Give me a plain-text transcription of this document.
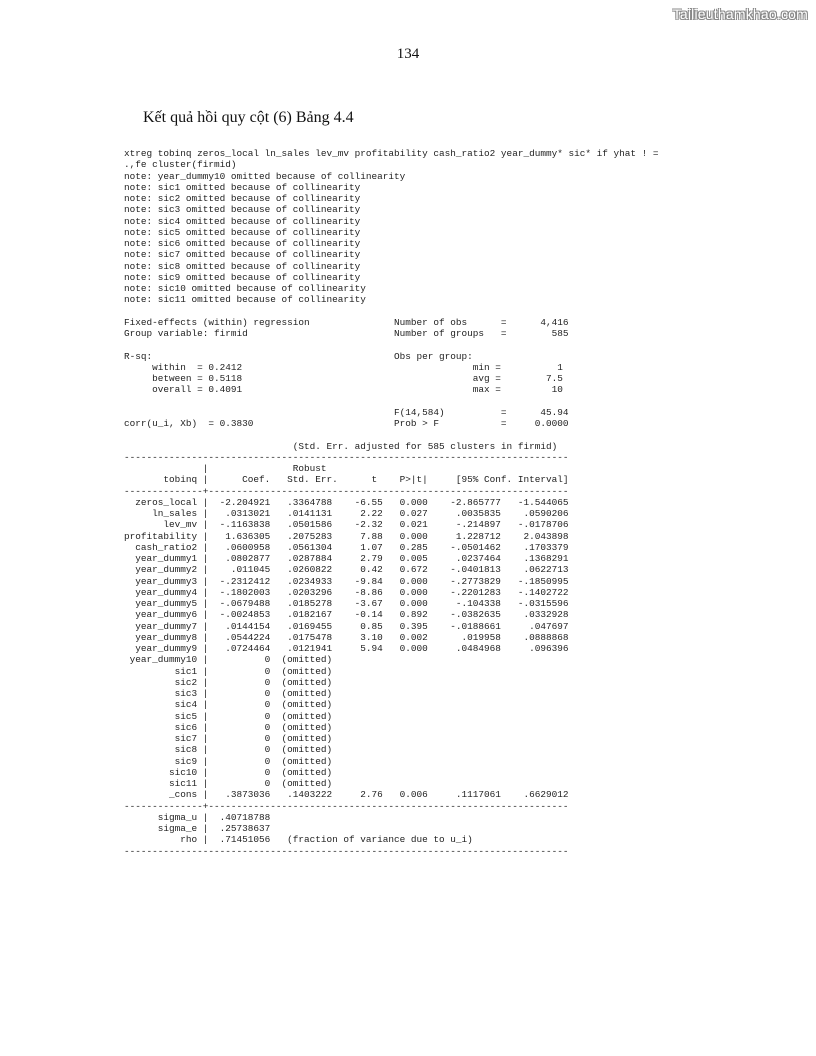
Tailieuthamkhao.com
134
Kết quả hồi quy cột (6) Bảng 4.4
xtreg tobinq zeros_local ln_sales lev_mv profitability cash_ratio2 year_dummy* sic* if yhat ! =
.,fe cluster(firmid)
note: year_dummy10 omitted because of collinearity
note: sic1 omitted because of collinearity
note: sic2 omitted because of collinearity
note: sic3 omitted because of collinearity
note: sic4 omitted because of collinearity
note: sic5 omitted because of collinearity
note: sic6 omitted because of collinearity
note: sic7 omitted because of collinearity
note: sic8 omitted because of collinearity
note: sic9 omitted because of collinearity
note: sic10 omitted because of collinearity
note: sic11 omitted because of collinearity
Fixed-effects (within) regression               Number of obs      =      4,416
Group variable: firmid                          Number of groups   =        585
R-sq:                                           Obs per group:
within  = 0.2412                                         min =          1
between = 0.5118                                         avg =        7.5
overall = 0.4091                                         max =         10
F(14,584)          =      45.94
corr(u_i, Xb)  = 0.3830                         Prob > F           =     0.0000
(Std. Err. adjusted for 585 clusters in firmid)
-------------------------------------------------------------------------------
|               Robust
tobinq |      Coef.   Std. Err.      t    P>|t|     [95% Conf. Interval]
--------------+----------------------------------------------------------------
zeros_local |  -2.204921   .3364788    -6.55   0.000    -2.865777   -1.544065
ln_sales |   .0313021   .0141131     2.22   0.027     .0035835    .0590206
lev_mv |  -.1163838   .0501586    -2.32   0.021     -.214897   -.0178706
profitability |   1.636305   .2075283     7.88   0.000     1.228712    2.043898
cash_ratio2 |   .0600958   .0561304     1.07   0.285    -.0501462    .1703379
year_dummy1 |   .0802877   .0287884     2.79   0.005     .0237464    .1368291
year_dummy2 |    .011045   .0260822     0.42   0.672    -.0401813    .0622713
year_dummy3 |  -.2312412   .0234933    -9.84   0.000    -.2773829   -.1850995
year_dummy4 |  -.1802003   .0203296    -8.86   0.000    -.2201283   -.1402722
year_dummy5 |  -.0679488   .0185278    -3.67   0.000     -.104338   -.0315596
year_dummy6 |  -.0024853   .0182167    -0.14   0.892    -.0382635    .0332928
year_dummy7 |   .0144154   .0169455     0.85   0.395    -.0188661     .047697
year_dummy8 |   .0544224   .0175478     3.10   0.002      .019958    .0888868
year_dummy9 |   .0724464   .0121941     5.94   0.000     .0484968     .096396
year_dummy10 |          0  (omitted)
sic1 |          0  (omitted)
sic2 |          0  (omitted)
sic3 |          0  (omitted)
sic4 |          0  (omitted)
sic5 |          0  (omitted)
sic6 |          0  (omitted)
sic7 |          0  (omitted)
sic8 |          0  (omitted)
sic9 |          0  (omitted)
sic10 |          0  (omitted)
sic11 |          0  (omitted)
_cons |   .3873036   .1403222     2.76   0.006     .1117061    .6629012
--------------+----------------------------------------------------------------
sigma_u |  .40718788
sigma_e |  .25738637
rho |  .71451056   (fraction of variance due to u_i)
-------------------------------------------------------------------------------
